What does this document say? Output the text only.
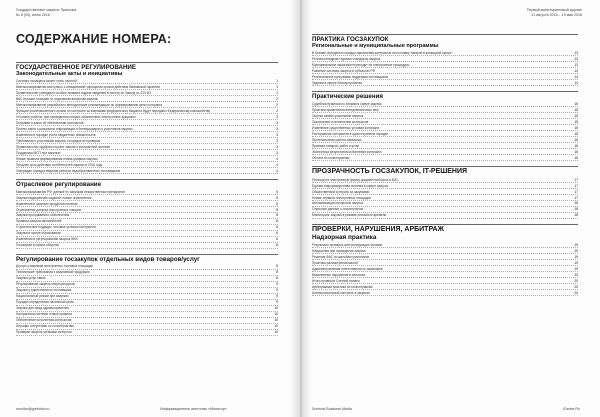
Государственные закупки: Практика
№ 8 (93), июль 2016
СОДЕРЖАНИЕ НОМЕРА:
ГОСУДАРСТВЕННОЕ РЕГУЛИРОВАНИЕ
Законодательные акты и инициативы
Система госзакупок может стать частной	1
Минэкономразвития выступило с инициативой упрощения сроков действия банковской гарантии	1
Правительство утвердило особые правила подачи сведений в реестр по Закону № 223-ФЗ	1
ВАС изложит позицию по отдельным вопросам закупок	2
Минэкономразвития разработало методические рекомендации по формированию цены контракта	2
Функции уполномоченного органа по контролю за закупками федерального бюджета будут переданы Федеральному казначейству	2
Уточнены работы, при проведении которых обязательны электронные аукционы	3
Поправки в закон об обеспечении контрактов	3
Принят закон о раскрытии информации о бенефициарах у участников закупок	3
Изменения в порядке учета бюджетных обязательств	3
Требования к участникам закупок и порядок их проверки	3
Правительство одобрило проект закона о контрактной системе	3
Поддержка МСП при закупках	3
Новые правила формирования плана-графика закупок	4
Продлен срок действия особенностей закупок в 2016 году	4
Утвержден порядок ведения реестра недобросовестных поставщиков	4
Отраслевое регулирование
Минэкономразвития РФ: данные по закупкам лекарственных препаратов	5
Закупки медицинских изделий: новые ограничения	5
Изменения в закупках продуктов питания	5
Ограничение допуска иностранных товаров	5
Закупки программного обеспечения	6
Правила закупок автомобилей	6
Строительные подряды: типовые условия контрактов	6
Закупки в сфере образования	6
Изменения в регулировании закупок ЖКХ	6
Госзакупки в сфере обороны	6
Регулирование госзакупок отдельных видов товаров/услуг
Доступ к закупкам электронных торговых площадок	8
Технические требования к закупаемой продукции	8
Закупки услуг связи	8
Регулирование закупок энергоресурсов	9
Закупки у единственного поставщика	9
Национальный режим при закупках	9
Порядок определения начальной цены	9
Закупки для нужд здравоохранения	10
Контрактная система: новые правила	10
Обеспечение исполнения контрактов	10
Штрафы и неустойки по госконтрактам	10
Проверки закупок органами контроля	10
monitor@grebotov.ru	Информационное агентство «Монитор»
Первый мониторинговый журнал
31 августа 2016 – 19 мая 2016
ПРАКТИКА ГОСЗАКУПОК
Региональные и муниципальные программы
В Москве определен порядок заключения контрактов на поставку товаров в жилищной сфере	13
Регионы внедряют единые стандарты закупок	13
Муниципальные заказчики переходят на электронные процедуры	13
Развитие системы закупок в субъектах РФ	14
Региональные программы поддержки поставщиков	14
Закупки в сфере благоустройства	14
Практические решения
Судебная практика по спорам в сфере закупок	15
Практика применения антидемпинговых мер	15
Оценка заявок участников закупок	15
Заключение и исполнение контрактов	15
Изменение существенных условий контракта	15
Расторжение контрактов в одностороннем порядке	15
Претензионная работа заказчика	16
Приемка товаров, работ и услуг	16
Экспертиза результатов исполнения контракта	16
Оплата по госконтрактам	16
ПРОЗРАЧНОСТЬ ГОСЗАКУПОК, IT-РЕШЕНИЯ
Переход на электронную форму документооборота в ЕИС	17
Единая информационная система в сфере закупок	17
Общественный контроль за закупками	17
Новые сервисы электронных площадок	17
Автоматизация процессов закупок	18
Открытые данные о госконтрактах	18
Мониторинг закупок в режиме реального времени	18
ПРОВЕРКИ, НАРУШЕНИЯ, АРБИТРАЖ
Надзорная практика
Результаты проверок контролирующих органов	19
Нарушения при проведении закупок	19
Решения ФАС по жалобам участников	19
Практика рассмотрения жалоб	19
Административная ответственность заказчиков	19
Выявленные нарушения в регионах	20
Итоги проверок Счетной палаты	20
Арбитражная практика по госконтрактам	20
Антимонопольный контроль в закупках	20
Sreborki Business Media	iCenter.Ru
